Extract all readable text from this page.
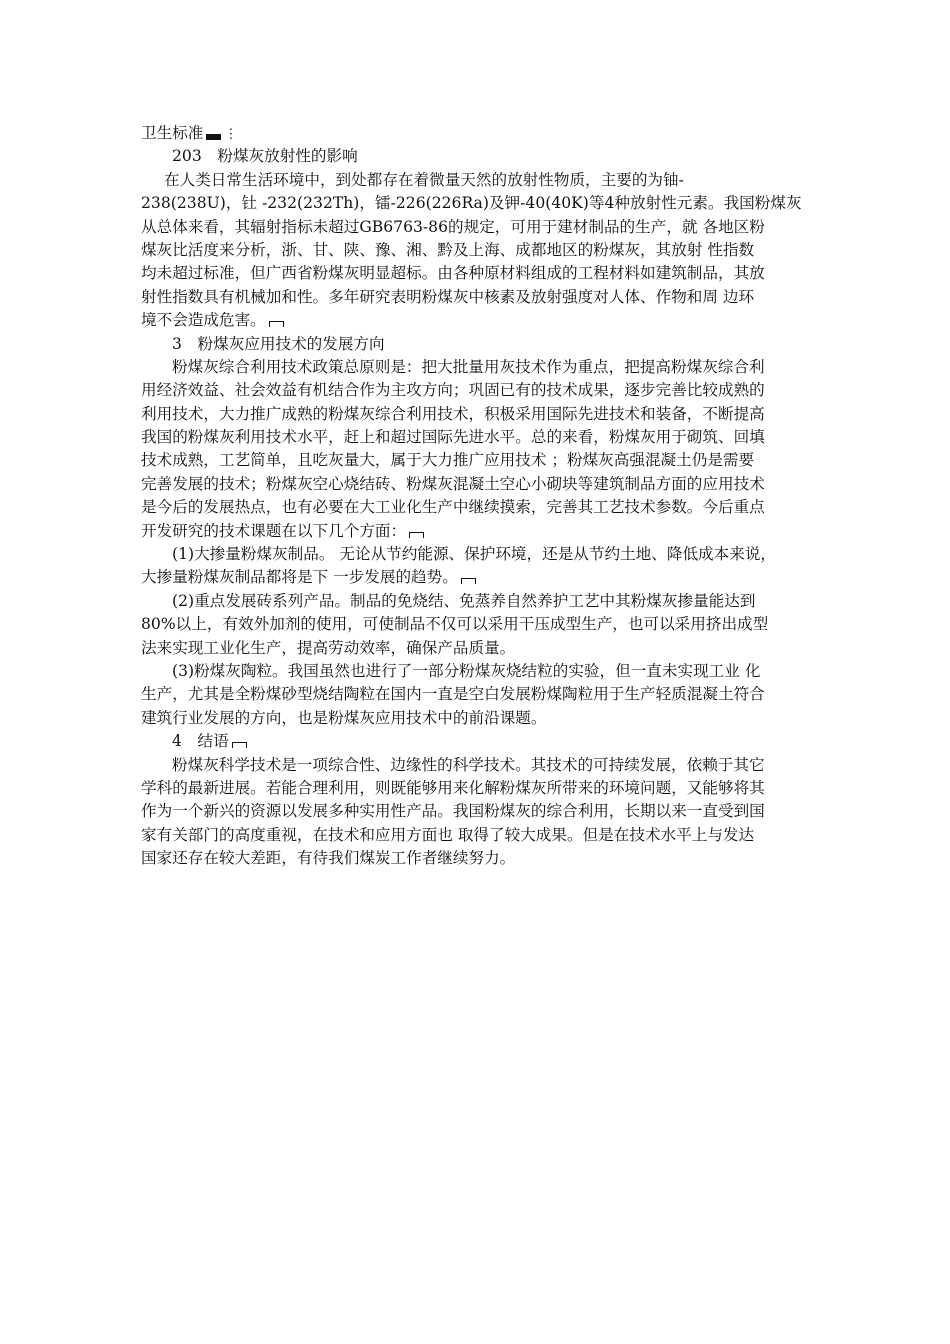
卫生标准 ⋮
203　粉煤灰放射性的影响
在人类日常生活环境中，到处都存在着微量天然的放射性物质，主要的为铀-
238(238U)，钍 -232(232Th)，镭-226(226Ra)及钾-40(40K)等4种放射性元素。我国粉煤灰
从总体来看，其辐射指标未超过GB6763-86的规定，可用于建材制品的生产，就 各地区粉
煤灰比活度来分析，浙、甘、陕、豫、湘、黔及上海、成都地区的粉煤灰，其放射 性指数
均未超过标准，但广西省粉煤灰明显超标。由各种原材料组成的工程材料如建筑制品，其放
射性指数具有机械加和性。多年研究表明粉煤灰中核素及放射强度对人体、作物和周 边环
境不会造成危害。
3　粉煤灰应用技术的发展方向
粉煤灰综合利用技术政策总原则是：把大批量用灰技术作为重点，把提高粉煤灰综合利
用经济效益、社会效益有机结合作为主攻方向；巩固已有的技术成果，逐步完善比较成熟的
利用技术，大力推广成熟的粉煤灰综合利用技术，积极采用国际先进技术和装备，不断提高
我国的粉煤灰利用技术水平，赶上和超过国际先进水平。总的来看，粉煤灰用于砌筑、回填
技术成熟，工艺简单，且吃灰量大，属于大力推广应用技术 ；粉煤灰高强混凝土仍是需要
完善发展的技术；粉煤灰空心烧结砖、粉煤灰混凝土空心小砌块等建筑制品方面的应用技术
是今后的发展热点，也有必要在大工业化生产中继续摸索，完善其工艺技术参数。今后重点
开发研究的技术课题在以下几个方面：
(1)大掺量粉煤灰制品。 无论从节约能源、保护环境，还是从节约土地、降低成本来说，
大掺量粉煤灰制品都将是下 一步发展的趋势。
(2)重点发展砖系列产品。制品的免烧结、免蒸养自然养护工艺中其粉煤灰掺量能达到
80%以上，有效外加剂的使用，可使制品不仅可以采用干压成型生产，也可以采用挤出成型
法来实现工业化生产，提高劳动效率，确保产品质量。
(3)粉煤灰陶粒。我国虽然也进行了一部分粉煤灰烧结粒的实验，但一直未实现工业 化
生产，尤其是全粉煤砂型烧结陶粒在国内一直是空白发展粉煤陶粒用于生产轻质混凝土符合
建筑行业发展的方向，也是粉煤灰应用技术中的前沿课题。
4　结语
粉煤灰科学技术是一项综合性、边缘性的科学技术。其技术的可持续发展，依赖于其它
学科的最新进展。若能合理利用，则既能够用来化解粉煤灰所带来的环境问题，又能够将其
作为一个新兴的资源以发展多种实用性产品。我国粉煤灰的综合利用，长期以来一直受到国
家有关部门的高度重视，在技术和应用方面也 取得了较大成果。但是在技术水平上与发达
国家还存在较大差距，有待我们煤炭工作者继续努力。
